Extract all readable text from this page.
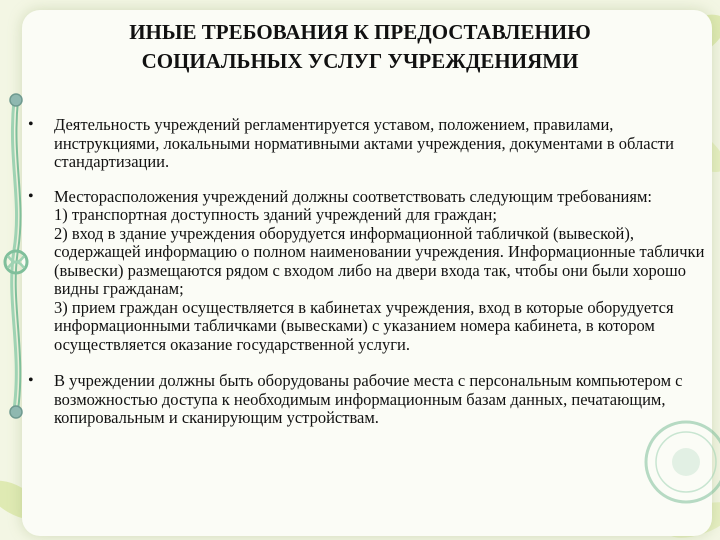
ИНЫЕ ТРЕБОВАНИЯ К ПРЕДОСТАВЛЕНИЮ
СОЦИАЛЬНЫХ УСЛУГ УЧРЕЖДЕНИЯМИ
• Деятельность учреждений регламентируется уставом, положением, правилами, инструкциями, локальными нормативными актами учреждения, документами в области стандартизации.

• Месторасположения учреждений должны соответствовать следующим требованиям:

1) транспортная доступность зданий учреждений для граждан;

2) вход в здание учреждения оборудуется информационной табличкой (вывеской), содержащей информацию о полном наименовании учреждения. Информационные таблички (вывески) размещаются рядом с входом либо на двери входа так, чтобы они были хорошо видны гражданам;

3) прием граждан осуществляется в кабинетах учреждения, вход в которые оборудуется информационными табличками (вывесками) с указанием номера кабинета, в котором осуществляется оказание государственной услуги.

• В учреждении должны быть оборудованы рабочие места с персональным компьютером с возможностью доступа к необходимым информационным базам данных, печатающим, копировальным и сканирующим устройствам.
